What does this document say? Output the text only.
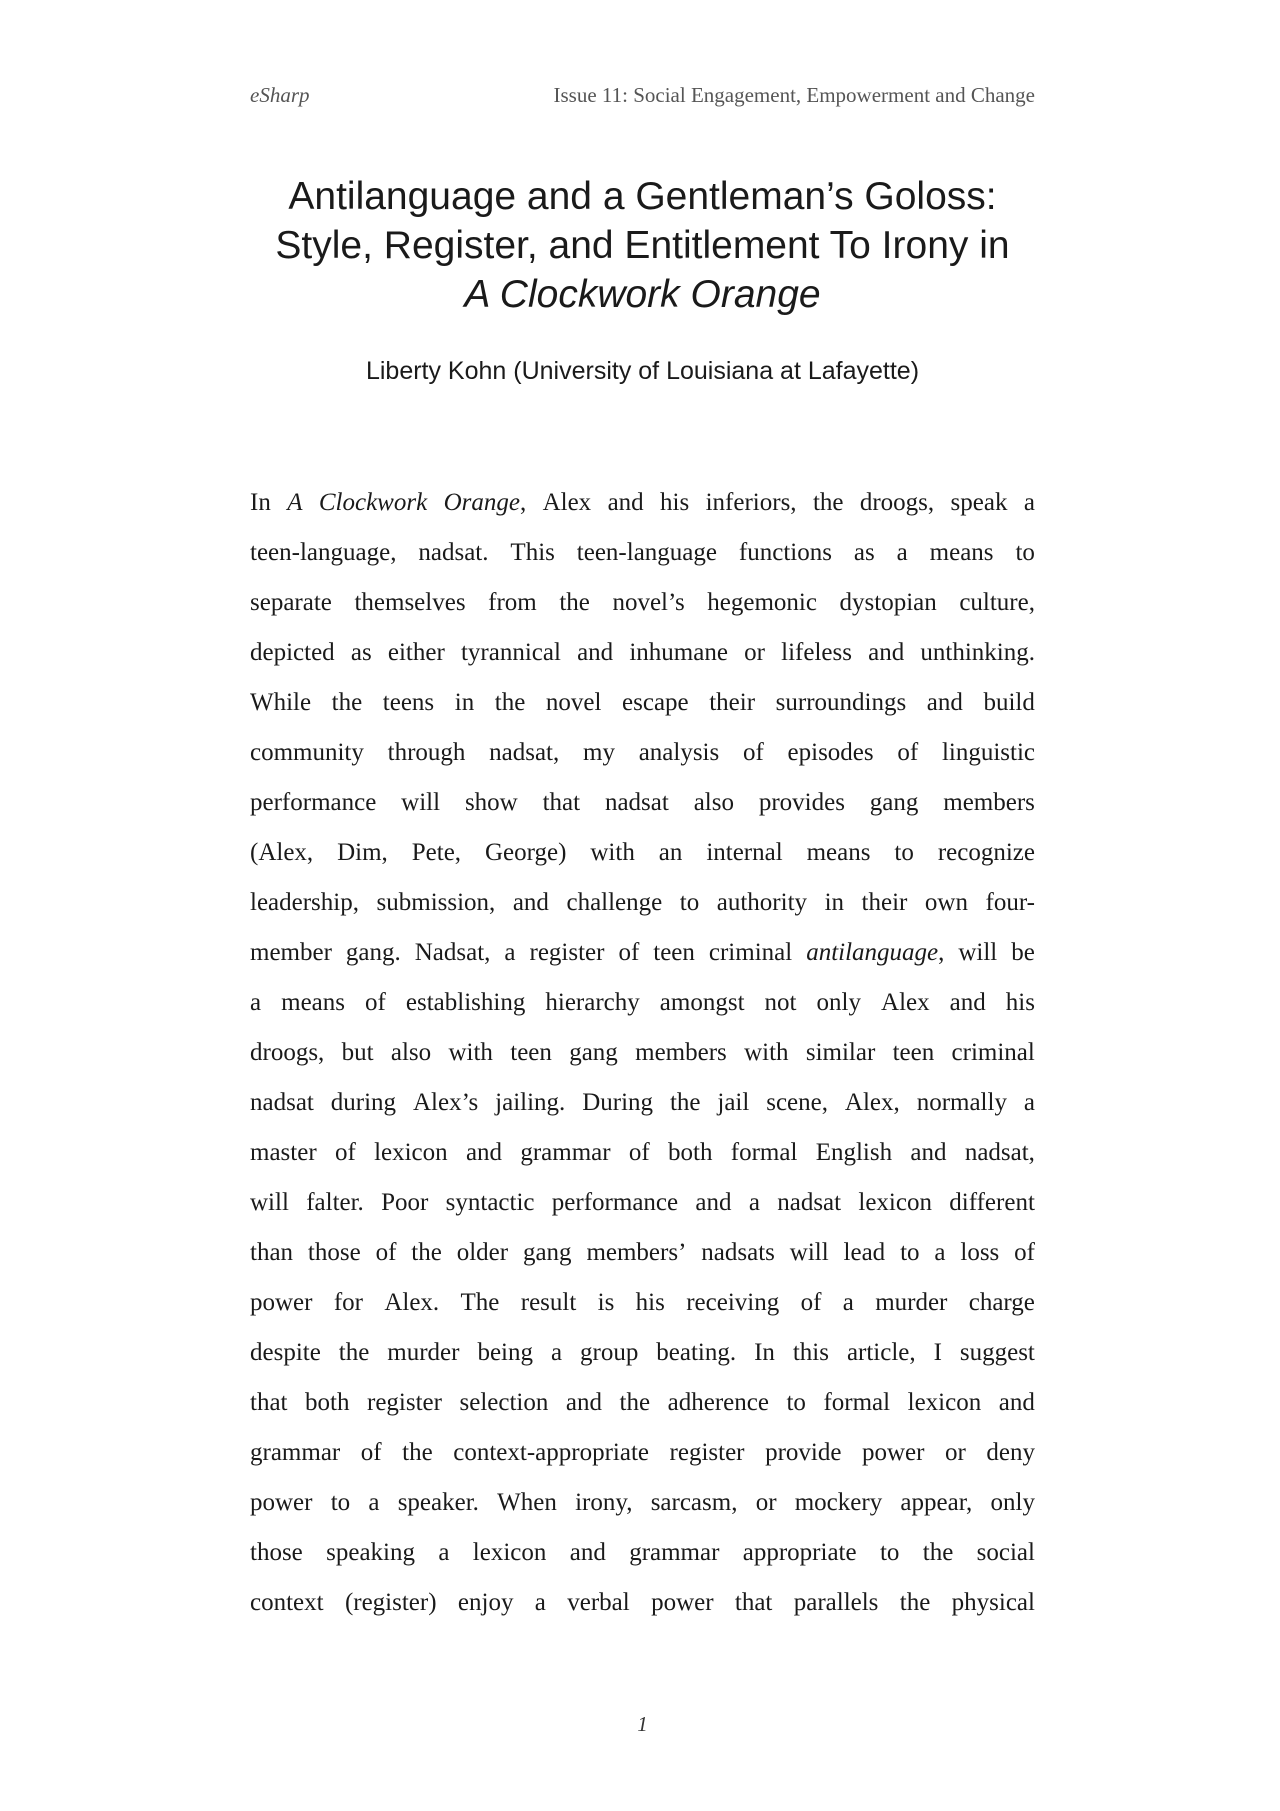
eSharp	Issue 11: Social Engagement, Empowerment and Change
Antilanguage and a Gentleman’s Goloss:
Style, Register, and Entitlement To Irony in
A Clockwork Orange
Liberty Kohn (University of Louisiana at Lafayette)
In A Clockwork Orange, Alex and his inferiors, the droogs, speak a
teen-language, nadsat. This teen-language functions as a means to
separate themselves from the novel’s hegemonic dystopian culture,
depicted as either tyrannical and inhumane or lifeless and unthinking.
While the teens in the novel escape their surroundings and build
community through nadsat, my analysis of episodes of linguistic
performance will show that nadsat also provides gang members
(Alex, Dim, Pete, George) with an internal means to recognize
leadership, submission, and challenge to authority in their own four-
member gang. Nadsat, a register of teen criminal antilanguage, will be
a means of establishing hierarchy amongst not only Alex and his
droogs, but also with teen gang members with similar teen criminal
nadsat during Alex’s jailing. During the jail scene, Alex, normally a
master of lexicon and grammar of both formal English and nadsat,
will falter. Poor syntactic performance and a nadsat lexicon different
than those of the older gang members’ nadsats will lead to a loss of
power for Alex. The result is his receiving of a murder charge
despite the murder being a group beating. In this article, I suggest
that both register selection and the adherence to formal lexicon and
grammar of the context-appropriate register provide power or deny
power to a speaker. When irony, sarcasm, or mockery appear, only
those speaking a lexicon and grammar appropriate to the social
context (register) enjoy a verbal power that parallels the physical
1
